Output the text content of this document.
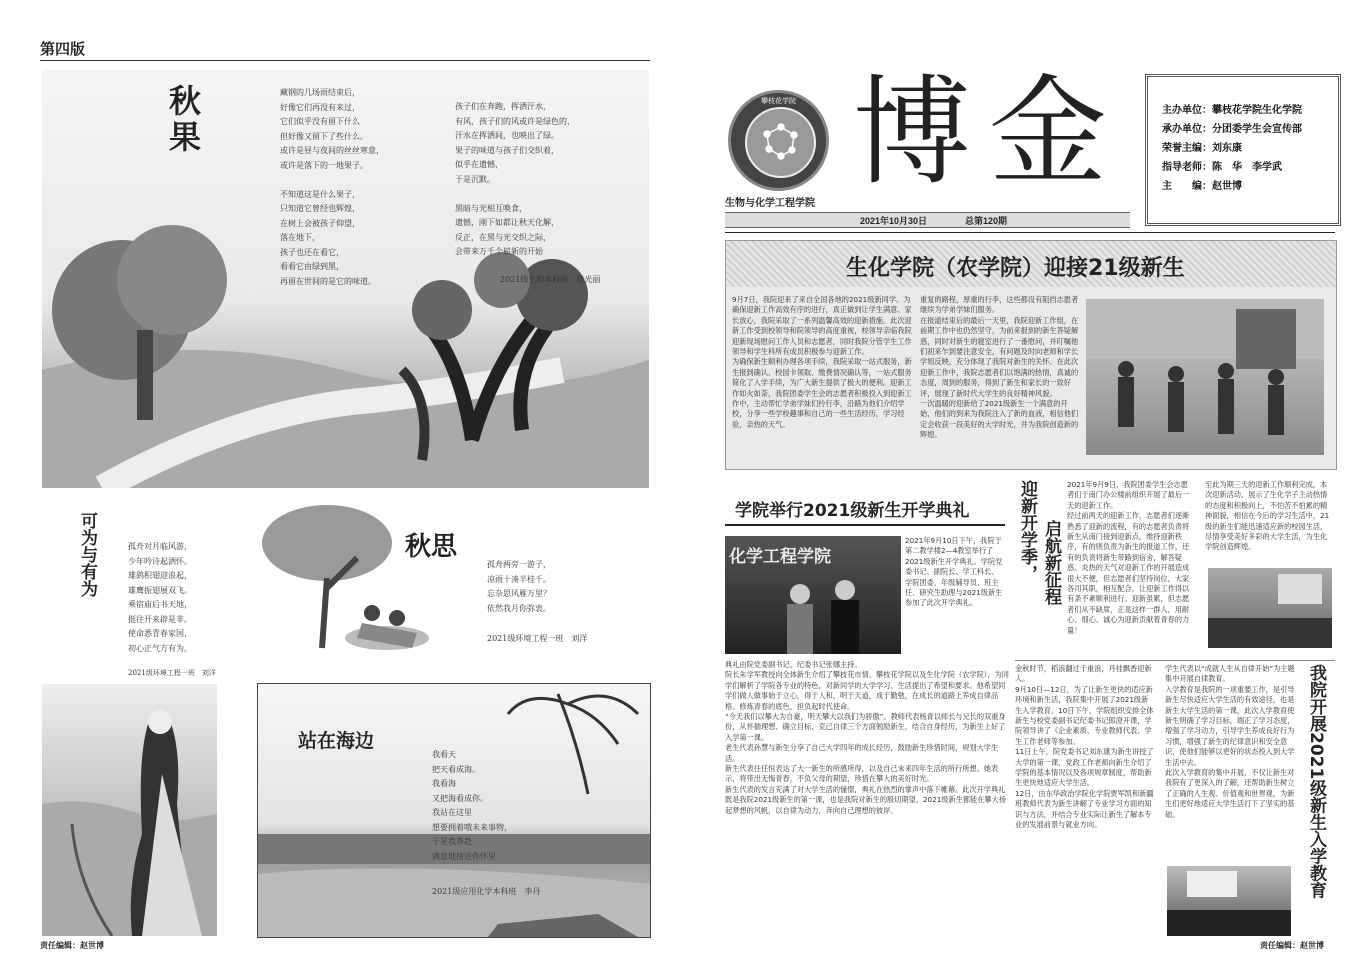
第四版
秋果	藏钢的几场雨结束后，
好像它们再没有来过，
它们似乎没有留下什么
但好像又留下了些什么。
或许是昼与夜间的丝丝寒意，
或许是落下的一地果子。

不知道这是什么果子，
只知道它曾经也辉煌，
在树上会被孩子仰望，
落在地下，
孩子也还在看它，
看看它由绿到黑，
再留在世间的是它的味道。
孩子们在奔跑，挥洒汗水，
有风，孩子们的风或许是绿色的，
汗水在挥洒间，也映出了绿。
果子的味道与孩子们交织着，
似乎在遗憾，
于是沉默。

黑暗与光相互唤食，
遗憾，刚下如都让秋天化解，
反正，在黑与光交织之际，
会带来万千个崭新的开始
2021级生物本科班　桂光丽
可为与有为	孤舟对月临风游，
少年吟诗起洒怀。
雄鹞积翅迎浪起，
雄鹰振翅展双飞。
乘宿庙后书天地，
挺往开来辟是非。
使命悉青春家国，
初心正气方有为。
2021级环境工程一班　刘洋
秋思
孤舟两旁一游子，
凉雨十凑半桂千。
忘杂思风雁万里？
依然我月你弥衷。
2021级环境工程一班　刘洋
站在海边
我看天
把天看成海。
我看海
又把海看成你。
我站在这里
想要拥着哦未来事物，
于是我奔赴
满意地接进你怀里
2021级应用化学本科班　李丹
责任编辑：赵世博
攀枝花学院 博金
生物与化学工程学院
2021年10月30日	总第120期
主办单位： 攀枝花学院生化学院
承办单位： 分团委学生会宣传部
荣誉主编： 刘东康
指导老师： 陈　华　李学武
主　　编： 赵世博
生化学院（农学院）迎接21级新生
9月7日，我院迎来了来自全国各地的2021级新同学。为确保迎新工作高效有序的进行，真正做到让学生满意、家长放心，我院采取了一系列温馨高效的迎新措施。此次迎新工作受到校领导和院领导的高度重视，校领导亲临我院迎新现场慰问工作人员和志愿者，同时我院分管学生工作领导和学生科所有成员积极参与迎新工作。
为确保新生顺利办理各项手续，我院采取一站式服务，新生报到确认、校园卡领取、缴费情况确认等，一站式服务简化了入学手续，为广大新生提供了极大的便利。迎新工作如火如荼，我院团委学生会的志愿者积极投入到迎新工作中，主动帮忙学弟学妹们拎行李，沿路为他们介绍学校，分享一些学校趣事和自己的一些生活经历，学习经验，亲热的天气。
重复的路程，厚重的行李，这些都没有阻挡志愿者继续为学弟学妹们服务。
在报道结束后的最后一天里，我院迎新工作组，在前期工作中也仍然坚守，为前来报到的新生答疑解惑，同时对新生的寝室进行了一番慰问，并叮嘱他们初来乍到要注意安全，有问题及时向老师和学长学姐反映，充分体现了我院对新生的关怀。在此次迎新工作中，我院志愿者们以饱满的热情，真诚的态度，周到的服务，得到了新生和家长的一致好评，展现了新时代大学生的良好精神风貌。
一次温暖的迎新给了2021级新生一个满意的开始，他们的到来为我院注入了新的血液，相信他们定会收获一段美好的大学时光，并为我院创造新的辉煌。
学院举行2021级新生开学典礼
化学工程学院
2021年9月10日下午，我院于第二教学楼2—4教室举行了2021级新生开学典礼。学院党委书记、副院长、学工科长、学院团委、年级辅导员、班主任、研究生助理与2021级新生参加了此次开学典礼。
典礼由院党委副书记、纪委书记张娜主持。
院长朱学军教授向全体新生介绍了攀枝花市情、攀枝花学院以及生化学院（农学院），为同学们解析了学院各专业的特色，对新同学的大学学习、生活提出了希望和要求。他希望同学们做人做事始于立心，得于人和，明于天道，成于勤勉，在成长的道路上养成自律品格、修炼青春的底色，担负起时代使命。
“今天我们以攀大为自豪，明天攀大以我们为骄傲”。教师代表杨青以师长与兄长的双重身份，从怀揣理想、确立目标、克己自律三个方面勉励新生，结合自身经历，为新生上好了入学第一课。
老生代表孙慧与新生分享了自己大学四年的成长经历，鼓励新生珍惜时间，规划大学生活。
新生代表往任恒表达了大一新生的所感所得，以及自己未来四年生活的所行所想。她表示，将带出无悔青春，不负父母的期望，珍惜在攀大的美好时光。
新生代表的发言充满了对大学生活的憧憬，典礼在热烈的掌声中落下帷幕。此次开学典礼既是我院2021级新生的第一课，也是我院对新生的殷切期望，2021级新生都能在攀大扬起梦想的风帆，以自律为动力，奔向自己理想的彼岸。
迎新开学季， 启航新征程
2021年9月9日，我院团委学生会志愿者们于南门办公楼前组织开展了最后一天的迎新工作。
经过前两天的迎新工作，志愿者们逐渐熟悉了迎新的流程，有的志愿者负责将新生从南门接到迎新点，维持迎新秩序，有的则负责为新生的报道工作，还有的负责将新生带路到宿舍，解答疑惑。炎热的天气对迎新工作的开展造成很大不便，但志愿者们坚持岗位，大家各司其职，相互配合，让迎新工作得以有条不紊顺利进行。迎新虽累，但志愿者们从不缺席，正是这样一群人，用耐心、细心、诚心为迎新贡献着青春的力量！
至此为期三天的迎新工作顺利完成，本次迎新活动，展示了生化学子主动热情的态度和积极向上，不怕苦不怕累的精神面貌，相信在今后的学习生活中，21级的新生们能迅速适应新的校园生活，尽情享受美好多彩的大学生活，为生化学院创造辉煌。
金秋时节，稻浪翻过千重浪，丹桂飘香迎新人。
9月10日—12日，为了让新生更快的适应新环境和新生活，我院集中开展了2021级新生入学教育。10日下午，学院组织安排全体新生与校党委副书记纪委书记郎澄开课，学院领导讲了《企业素质、专业教师代表、学生工作老师等参加。
11日上午，院党委书记刘东康为新生讲授了大学的第一课，党政工作老师向新生介绍了学院的基本情况以及各项规章制度，帮助新生更快地适应大学生活。
12日，由东华政治学院化学院贾军凯和新疆班教师代表为新生讲解了专业学习方面的知识与方法，并结合专业实际让新生了解本专业的发展前景与就业方向。
学生代表以“成就人生从自律开始”为主题集中开展自律教育。
入学教育是我院的一项重要工作，是引导新生尽快适应大学生活的有效途径，也是新生大学生活的第一课，此次入学教育使新生明确了学习目标，端正了学习态度，增强了学习动力，引导学生养成良好行为习惯，增强了新生的纪律意识和安全意识，使他们能够以更好的状态投入到大学生活中去。
此次入学教育的集中开展，不仅让新生对我院有了更深入的了解，还帮助新生树立了正确的人生观、价值观和世界观，为新生们更好地适应大学生活打下了坚实的基础。	我院开展2021级新生入学教育
责任编辑：赵世博
